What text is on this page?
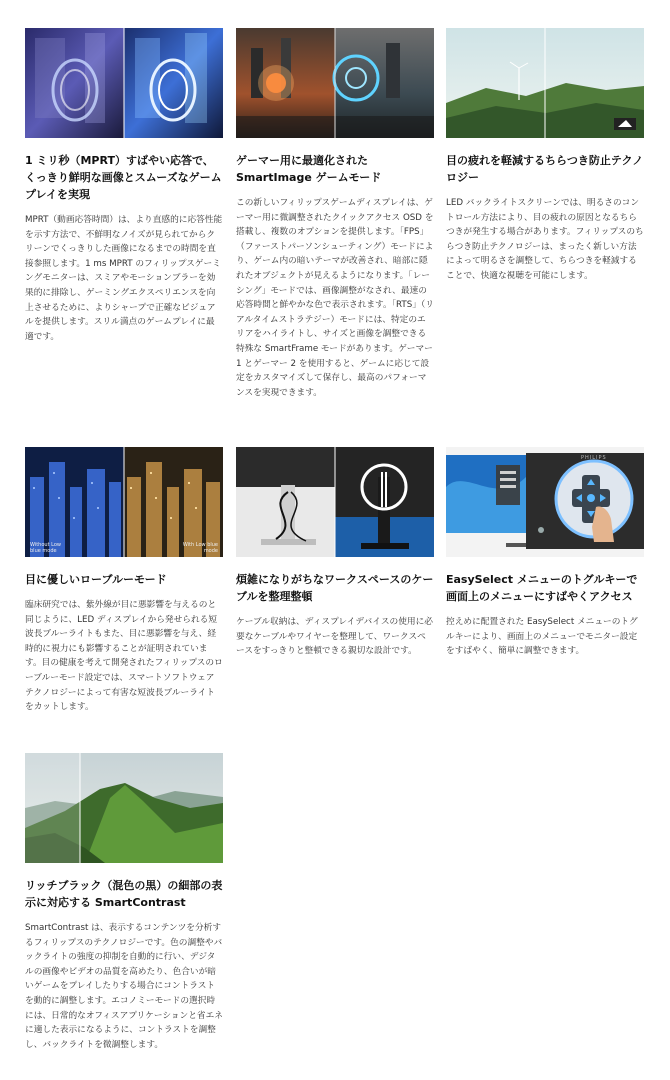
1 ミリ秒（MPRT）すばやい応答で、くっきり鮮明な画像とスムーズなゲームプレイを実現
MPRT（動画応答時間）は、より直感的に応答性能を示す方法で、不鮮明なノイズが見られてからクリーンでくっきりした画像になるまでの時間を直接参照します。1 ms MPRT のフィリップスゲーミングモニターは、スミアやモーションブラーを効果的に排除し、ゲーミングエクスペリエンスを向上させるために、よりシャープで正確なビジュアルを提供します。スリル満点のゲームプレイに最適です。
ゲーマー用に最適化された SmartImage ゲームモード
この新しいフィリップスゲームディスプレイは、ゲーマー用に微調整されたクイックアクセス OSD を搭載し、複数のオプションを提供します。「FPS」（ファーストパーソンシューティング）モードにより、ゲーム内の暗いテーマが改善され、暗部に隠れたオブジェクトが見えるようになります。「レーシング」モードでは、画像調整がなされ、最速の応答時間と鮮やかな色で表示されます。「RTS」（リアルタイムストラテジー）モードには、特定のエリアをハイライトし、サイズと画像を調整できる特殊な SmartFrame モードがあります。ゲーマー 1 とゲーマー 2 を使用すると、ゲームに応じて設定をカスタマイズして保存し、最高のパフォーマンスを実現できます。
目の疲れを軽減するちらつき防止テクノロジー
LED バックライトスクリーンでは、明るさのコントロール方法により、目の疲れの原因となるちらつきが発生する場合があります。フィリップスのちらつき防止テクノロジーは、まったく新しい方法によって明るさを調整して、ちらつきを軽減することで、快適な視聴を可能にします。
Without Low blue mode
With Low blue mode
目に優しいローブルーモード
臨床研究では、紫外線が目に悪影響を与えるのと同じように、LED ディスプレイから発せられる短波長ブルーライトもまた、目に悪影響を与え、経時的に視力にも影響することが証明されています。目の健康を考えて開発されたフィリップスのローブルーモード設定では、スマートソフトウェアテクノロジーによって有害な短波長ブルーライトをカットします。
煩雑になりがちなワークスペースのケーブルを整理整頓
ケーブル収納は、ディスプレイデバイスの使用に必要なケーブルやワイヤーを整理して、ワークスペースをすっきりと整頓できる親切な設計です。
PHILIPS
EasySelect メニューのトグルキーで画面上のメニューにすばやくアクセス
控えめに配置された EasySelect メニューのトグルキーにより、画面上のメニューでモニター設定をすばやく、簡単に調整できます。
リッチブラック（混色の黒）の細部の表示に対応する SmartContrast
SmartContrast は、表示するコンテンツを分析するフィリップスのテクノロジーです。色の調整やバックライトの強度の抑制を自動的に行い、デジタルの画像やビデオの品質を高めたり、色合いが暗いゲームをプレイしたりする場合にコントラストを動的に調整します。エコノミーモードの選択時には、日常的なオフィスアプリケーションと省エネに適した表示になるように、コントラストを調整し、バックライトを微調整します。
